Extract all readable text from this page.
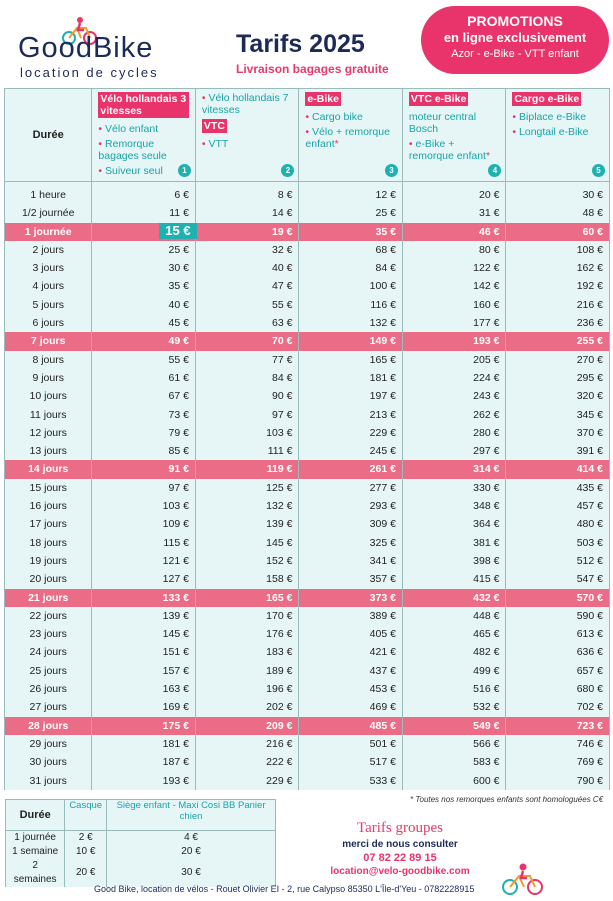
GoodBike
location de cycles
Tarifs 2025
Livraison bagages gratuite
PROMOTIONS
en ligne exclusivement
Azor - e-Bike - VTT enfant
Durée	Vélo hollandais 3 vitesses

• Vélo enfant
• Remorque bagages seule
• Suiveur seul 1	• Vélo hollandais 7 vitesses
VTC

• VTT
2	e-Bike

• Cargo bike
• Vélo + remorque enfant*
3	VTC e-Bike

moteur central Bosch
• e-Bike + remorque enfant*
4	Cargo e-Bike

• Biplace e-Bike
• Longtail e-Bike
5

1 heure	6 €	8 €	12 €	20 €	30 €
1/2 journée	11 €	14 €	25 €	31 €	48 €
1 journée	15 €	19 €	35 €	46 €	60 €
2 jours	25 €	32 €	68 €	80 €	108 €
3 jours	30 €	40 €	84 €	122 €	162 €
4 jours	35 €	47 €	100 €	142 €	192 €
5 jours	40 €	55 €	116 €	160 €	216 €
6 jours	45 €	63 €	132 €	177 €	236 €
7 jours	49 €	70 €	149 €	193 €	255 €
8 jours	55 €	77 €	165 €	205 €	270 €
9 jours	61 €	84 €	181 €	224 €	295 €
10 jours	67 €	90 €	197 €	243 €	320 €
11 jours	73 €	97 €	213 €	262 €	345 €
12 jours	79 €	103 €	229 €	280 €	370 €
13 jours	85 €	111 €	245 €	297 €	391 €
14 jours	91 €	119 €	261 €	314 €	414 €
15 jours	97 €	125 €	277 €	330 €	435 €
16 jours	103 €	132 €	293 €	348 €	457 €
17 jours	109 €	139 €	309 €	364 €	480 €
18 jours	115 €	145 €	325 €	381 €	503 €
19 jours	121 €	152 €	341 €	398 €	512 €
20 jours	127 €	158 €	357 €	415 €	547 €
21 jours	133 €	165 €	373 €	432 €	570 €
22 jours	139 €	170 €	389 €	448 €	590 €
23 jours	145 €	176 €	405 €	465 €	613 €
24 jours	151 €	183 €	421 €	482 €	636 €
25 jours	157 €	189 €	437 €	499 €	657 €
26 jours	163 €	196 €	453 €	516 €	680 €
27 jours	169 €	202 €	469 €	532 €	702 €
28 jours	175 €	209 €	485 €	549 €	723 €
29 jours	181 €	216 €	501 €	566 €	746 €
30 jours	187 €	222 €	517 €	583 €	769 €
31 jours	193 €	229 €	533 €	600 €	790 €
* Toutes nos remorques enfants sont homologuées C€
Durée	Casque	Siège enfant - Maxi Cosi BB Panier chien
1 journée	2 €	4 €
1 semaine	10 €	20 €
2 semaines	20 €	30 €
Tarifs groupes
merci de nous consulter
07 82 22 89 15
location@velo-goodbike.com
Good Bike, location de vélos - Rouet Olivier EI - 2, rue Calypso 85350 L'Île-d'Yeu - 0782228915
